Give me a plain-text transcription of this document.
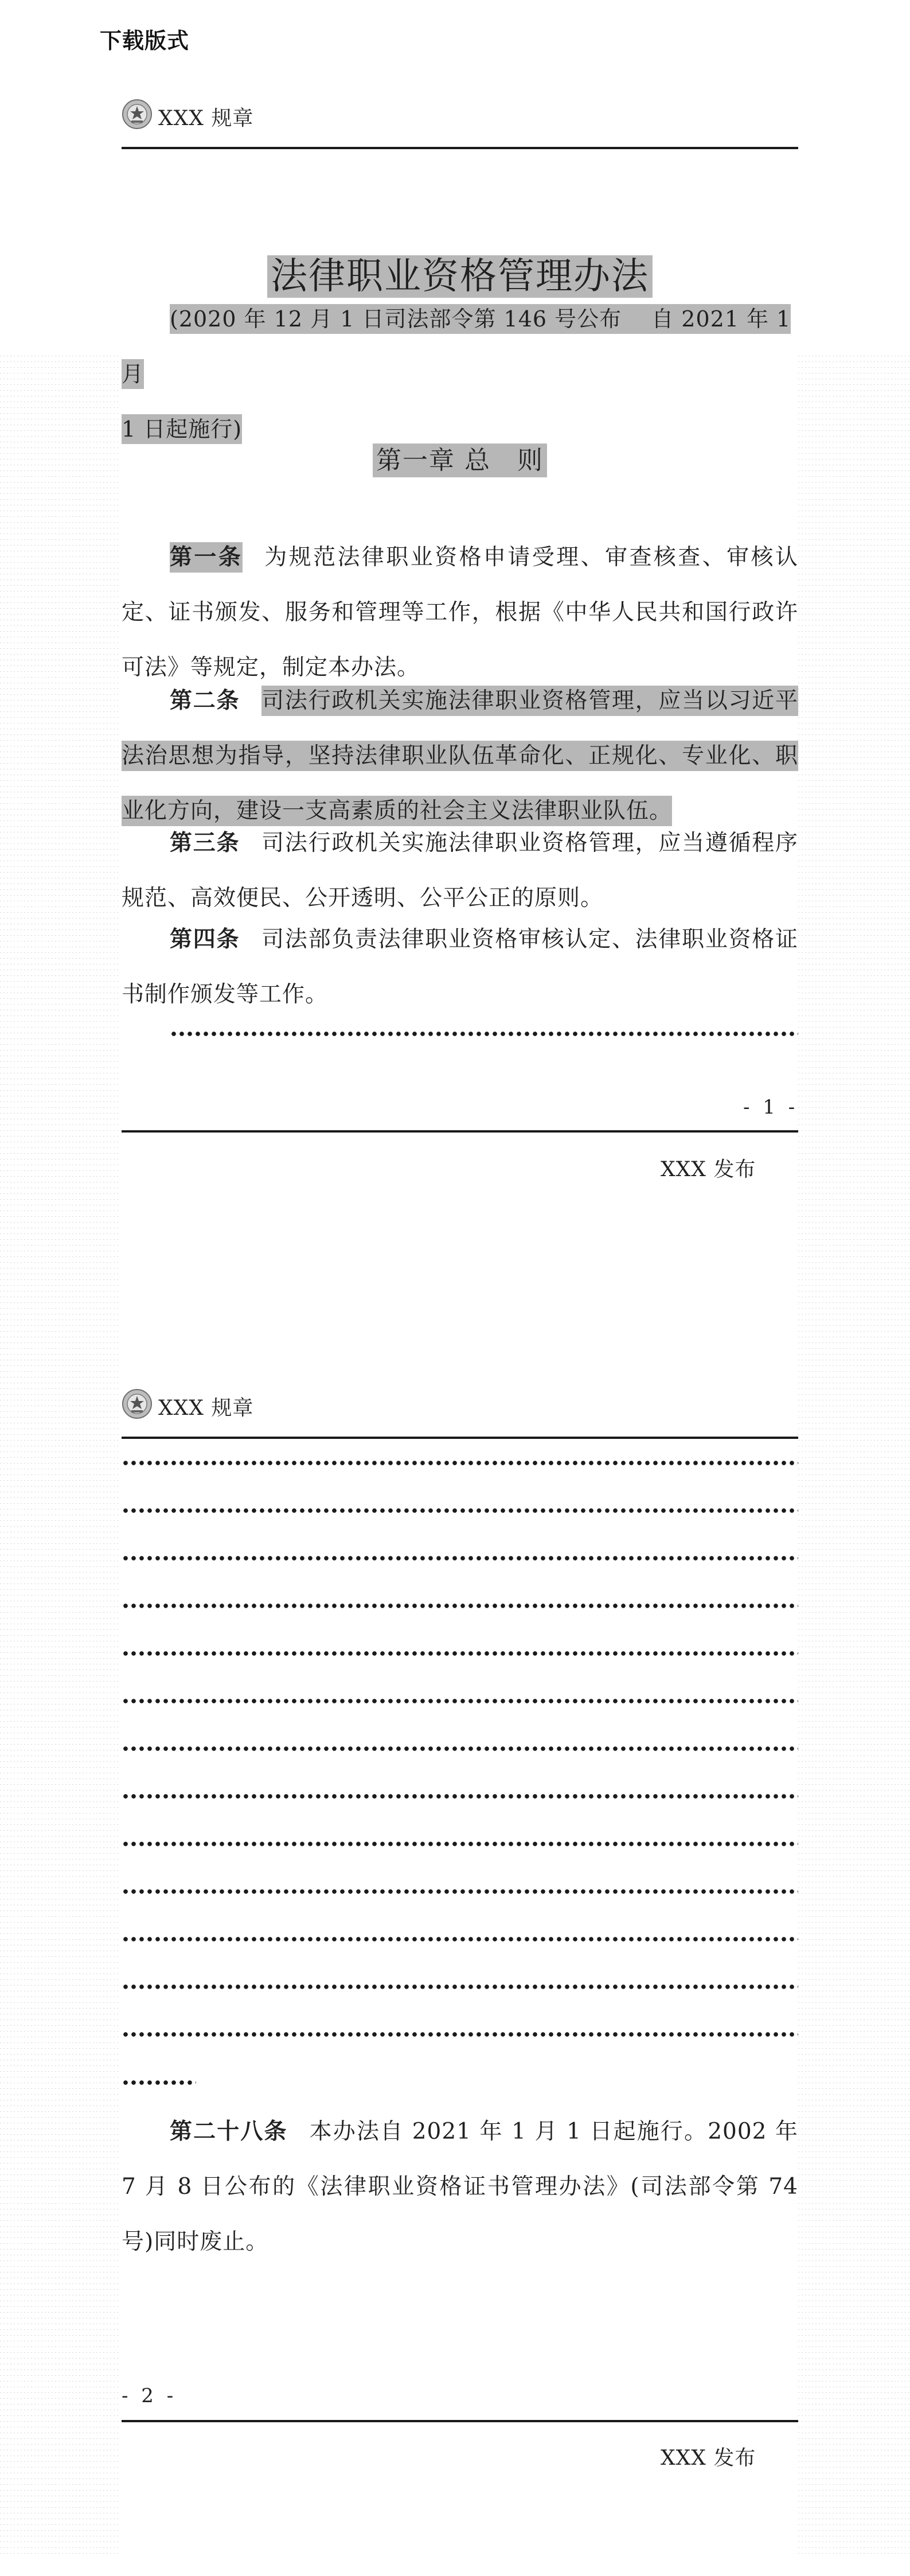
下载版式
XXX 规章
法律职业资格管理办法
(2020 年 12 月 1 日司法部令第 146 号公布　 自 2021 年 1 月
1 日起施行)
第一章 总　则
第一条 为规范法律职业资格申请受理、审查核查、审核认定、证书颁发、服务和管理等工作，根据《中华人民共和国行政许可法》等规定，制定本办法。
第二条 司法行政机关实施法律职业资格管理，应当以习近平法治思想为指导，坚持法律职业队伍革命化、正规化、专业化、职业化方向，建设一支高素质的社会主义法律职业队伍。
第三条 司法行政机关实施法律职业资格管理，应当遵循程序规范、高效便民、公开透明、公平公正的原则。
第四条 司法部负责法律职业资格审核认定、法律职业资格证书制作颁发等工作。
- 1 -
XXX 发布
XXX 规章
第二十八条 本办法自 2021 年 1 月 1 日起施行。2002 年 7 月 8 日公布的《法律职业资格证书管理办法》(司法部令第 74 号)同时废止。
- 2 -
XXX 发布
